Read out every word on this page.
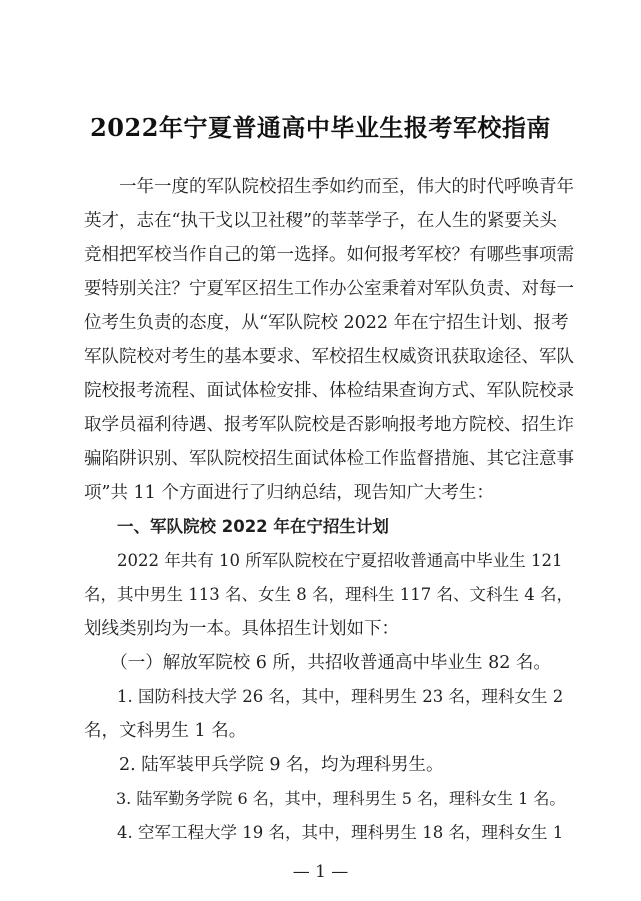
2022年宁夏普通高中毕业生报考军校指南
　　一年一度的军队院校招生季如约而至，伟大的时代呼唤青年
英才，志在“执干戈以卫社稷”的莘莘学子，在人生的紧要关头
竞相把军校当作自己的第一选择。如何报考军校？有哪些事项需
要特别关注？宁夏军区招生工作办公室秉着对军队负责、对每一
位考生负责的态度，从“军队院校 2022 年在宁招生计划、报考
军队院校对考生的基本要求、军校招生权威资讯获取途径、军队
院校报考流程、面试体检安排、体检结果查询方式、军队院校录
取学员福利待遇、报考军队院校是否影响报考地方院校、招生诈
骗陷阱识别、军队院校招生面试体检工作监督措施、其它注意事
项”共 11 个方面进行了归纳总结，现告知广大考生：
　　一、军队院校 2022 年在宁招生计划
　　2022 年共有 10 所军队院校在宁夏招收普通高中毕业生 121
名，其中男生 113 名、女生 8 名，理科生 117 名、文科生 4 名，
划线类别均为一本。具体招生计划如下：
　　（一）解放军院校 6 所，共招收普通高中毕业生 82 名。
　　1. 国防科技大学 26 名，其中，理科男生 23 名，理科女生 2
名，文科男生 1 名。
　　2. 陆军装甲兵学院 9 名，均为理科男生。
　　3. 陆军勤务学院 6 名，其中，理科男生 5 名，理科女生 1 名。
　　4. 空军工程大学 19 名，其中，理科男生 18 名，理科女生 1
— 1 —
